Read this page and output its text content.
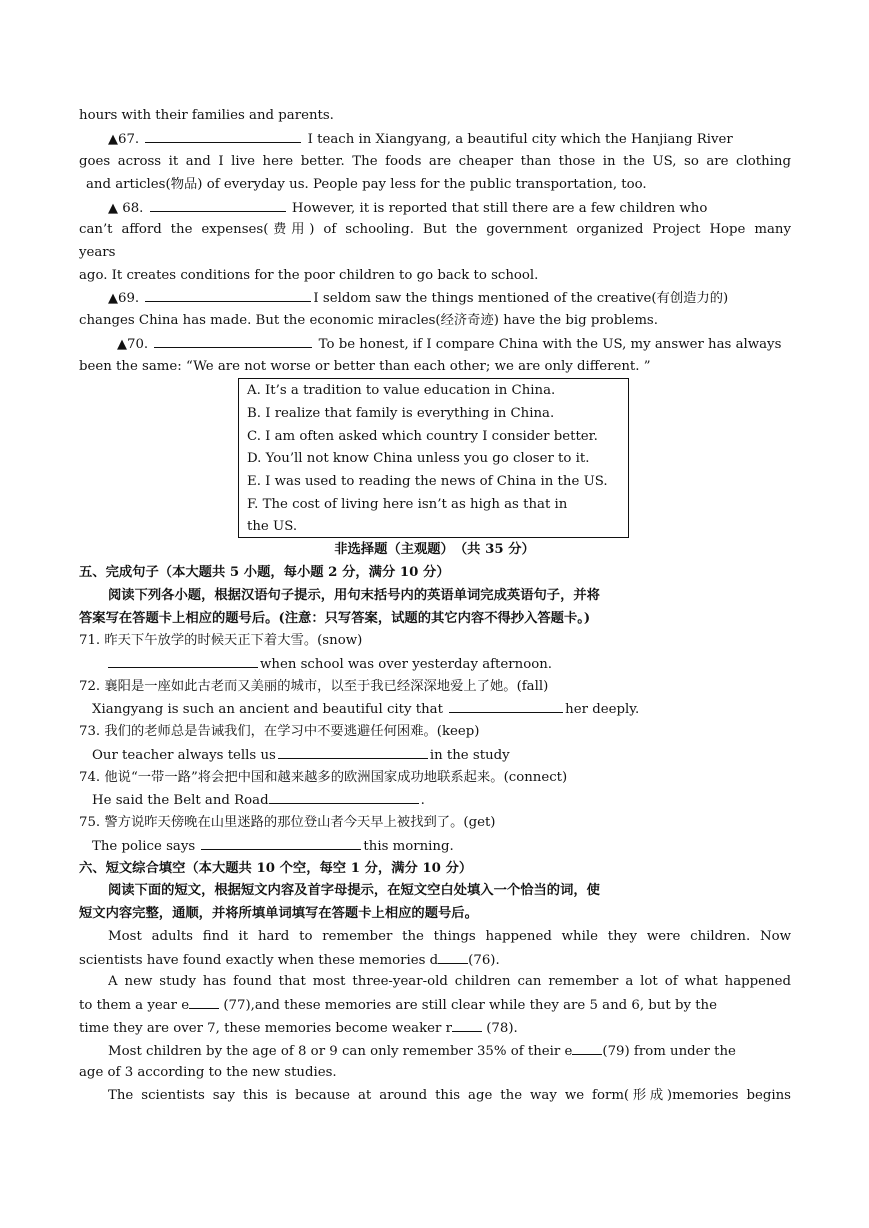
hours with their families and parents.
▲67.	I teach in Xiangyang, a beautiful city which the Hanjiang River
goes across it and I live here better. The foods are cheaper than those in the US, so are clothing
and articles(物品) of everyday us. People pay less for the public transportation, too.
▲ 68.	However, it is reported that still there are a few children who
can’t afford the expenses(费用) of schooling. But the government organized Project Hope many
years
ago. It creates conditions for the poor children to go back to school.
▲69.	I seldom saw the things mentioned of the creative(有创造力的)
changes China has made. But the economic miracles(经济奇迹) have the big problems.
▲70.	To be honest, if I compare China with the US, my answer has always
been the same: “We are not worse or better than each other; we are only different. ”
A. It’s a tradition to value education in China.
B. I realize that family is everything in China.
C. I am often asked which country I consider better.
D. You’ll not know China unless you go closer to it.
E. I was used to reading the news of China in the US.
F. The cost of living here isn’t as high as that in
the US.
非选择题（主观题）　（共 35 分）
五、完成句子（本大题共 5 小题，每小题 2 分，满分 10 分）
阅读下列各小题，根据汉语句子提示，用句末括号内的英语单词完成英语句子，并将
答案写在答题卡上相应的题号后。(注意：只写答案，试题的其它内容不得抄入答题卡。)
71. 昨天下午放学的时候天正下着大雪。(snow)
when school was over yesterday afternoon.
72. 襄阳是一座如此古老而又美丽的城市，以至于我已经深深地爱上了她。(fall)
Xiangyang is such an ancient and beautiful city that	her deeply.
73. 我们的老师总是告诫我们，在学习中不要逃避任何困难。(keep)
Our teacher always tells us	in the study
74. 他说“一带一路”将会把中国和越来越多的欧洲国家成功地联系起来。(connect)
He said the Belt and Road	.
75. 警方说昨天傍晚在山里迷路的那位登山者今天早上被找到了。(get)
The police says	this morning.
六、短文综合填空（本大题共 10 个空，每空 1 分，满分 10 分）
阅读下面的短文，根据短文内容及首字母提示，在短文空白处填入一个恰当的词，使
短文内容完整，通顺，并将所填单词填写在答题卡上相应的题号后。
Most adults find it hard to remember the things happened while they were children. Now
scientists have found exactly when these memories d (76).
A new study has found that most three-year-old children can remember a lot of what happened
to them a year e	(77),and these memories are still clear while they are 5 and 6, but by the
time they are over 7, these memories become weaker r	(78).
Most children by the age of 8 or 9 can only remember 35% of their e (79) from under the
age of 3 according to the new studies.
The scientists say this is because at around this age the way we form(形成)memories begins
